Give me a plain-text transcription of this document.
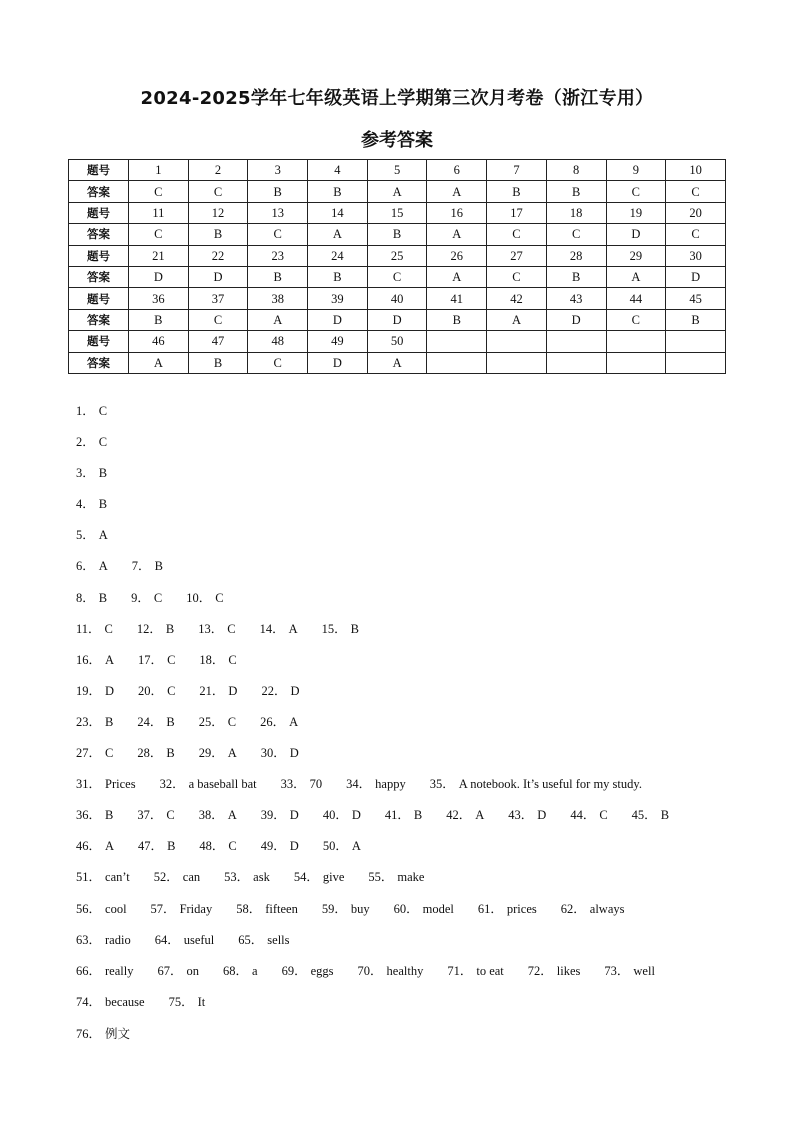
2024-2025学年七年级英语上学期第三次月考卷（浙江专用）
参考答案
题号	1	2	3	4	5	6	7	8	9	10
答案	C	C	B	B	A	A	B	B	C	C
题号	11	12	13	14	15	16	17	18	19	20
答案	C	B	C	A	B	A	C	C	D	C
题号	21	22	23	24	25	26	27	28	29	30
答案	D	D	B	B	C	A	C	B	A	D
题号	36	37	38	39	40	41	42	43	44	45
答案	B	C	A	D	D	B	A	D	C	B
题号	46	47	48	49	50					
答案	A	B	C	D	A					
1． C
2． C
3． B
4． B
5． A
6． A 7． B
8． B 9． C 10． C
11． C 12． B 13． C 14． A 15． B
16． A 17． C 18． C
19． D 20． C 21． D 22． D
23． B 24． B 25． C 26． A
27． C 28． B 29． A 30． D
31． Prices 32． a baseball bat 33． 70 34． happy 35． A notebook. It’s useful for my study.
36． B 37． C 38． A 39． D 40． D 41． B 42． A 43． D 44． C 45． B
46． A 47． B 48． C 49． D 50． A
51． can’t 52． can 53． ask 54． give 55． make
56． cool 57． Friday 58． fifteen 59． buy 60． model 61． prices 62． always
63． radio 64． useful 65． sells
66． really 67． on 68． a 69． eggs 70． healthy 71． to eat 72． likes 73． well
74． because 75． It
76． 例文
